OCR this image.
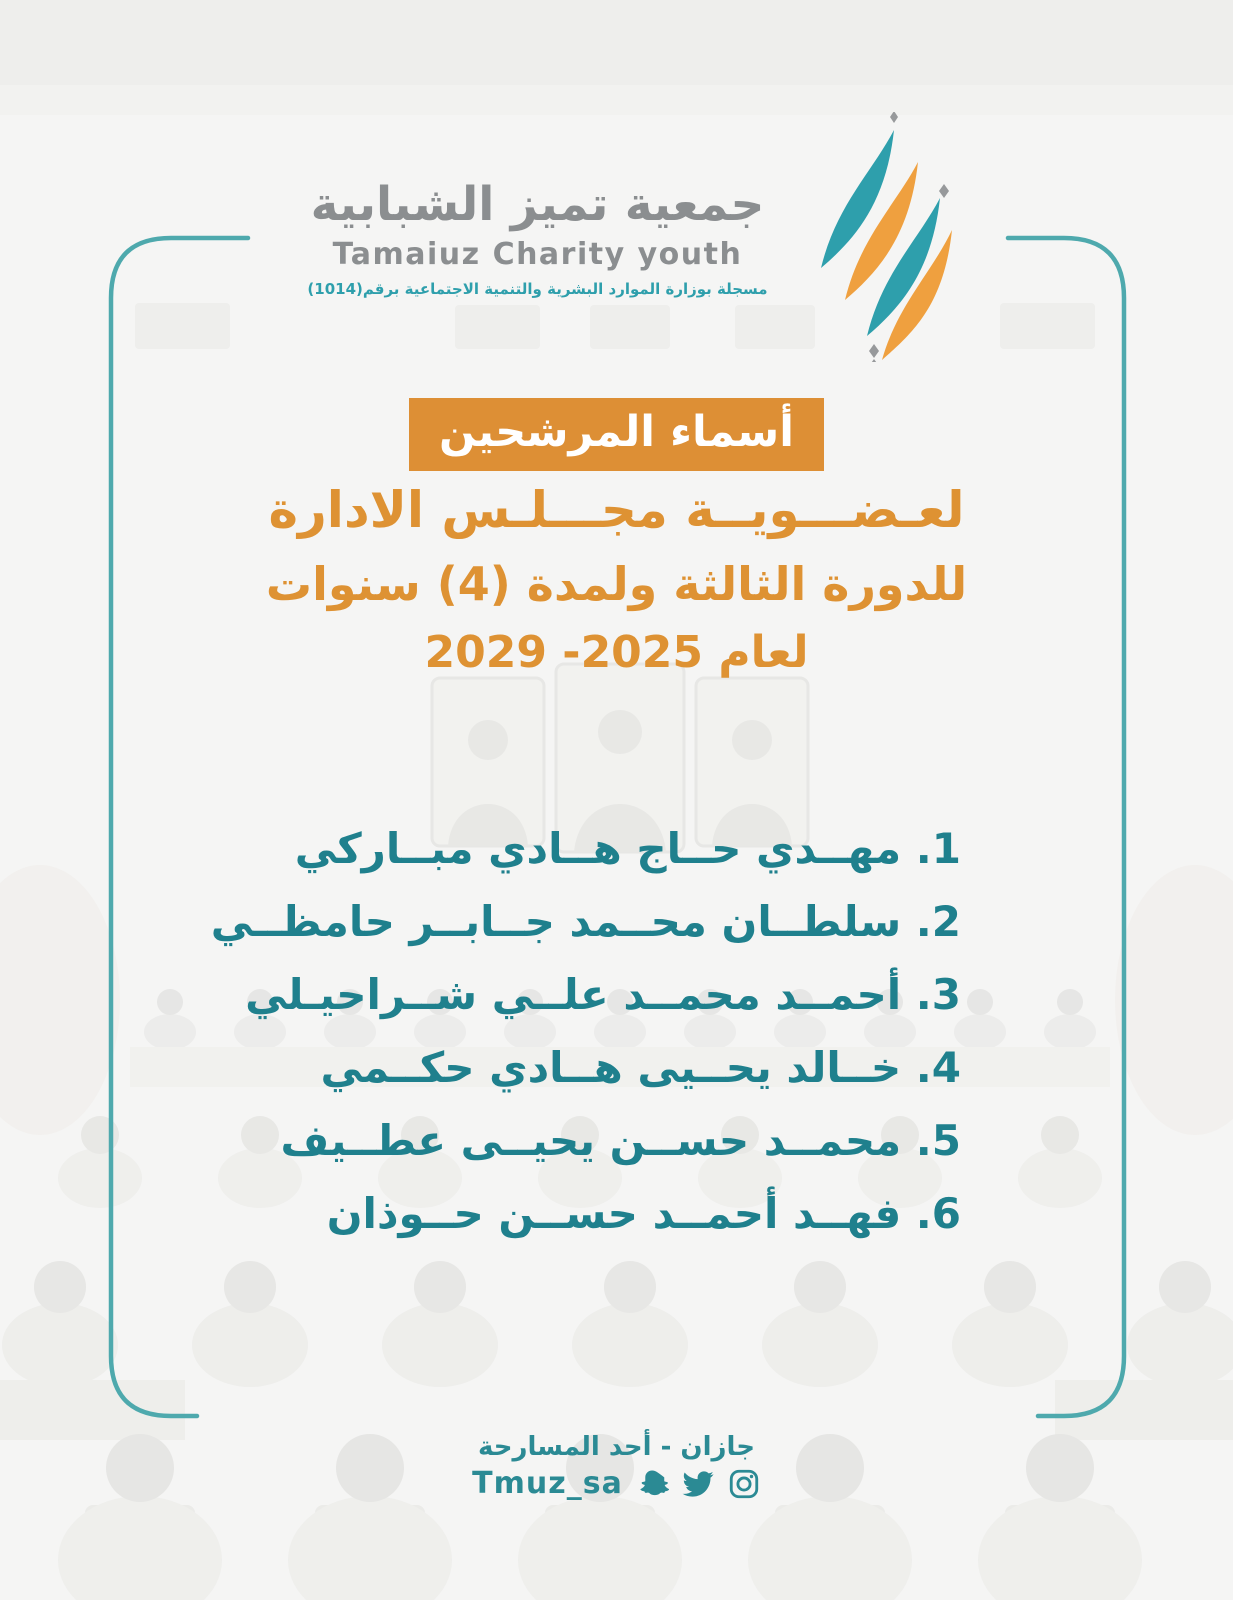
جمعية تميز الشبابية
Tamaiuz Charity youth
مسجلة بوزارة الموارد البشرية والتنمية الاجتماعية برقم(1014)
أسماء المرشحين
لعـضـــويــة مجـــلـس الادارة
للدورة الثالثة ولمدة (4) سنوات
لعام 2025- 2029
1. مهــدي حــاج هــادي مبــاركي
2. سلطــان محــمد جــابــر حامظــي
3. أحمــد محمــد علــي شــراحيـلي
4. خــالد يحــيى هــادي حكــمي
5. محمــد حســن يحيــى عطــيف
6. فهــد أحمــد حســن حــوذان
جازان - أحد المسارحة
Tmuz_sa
